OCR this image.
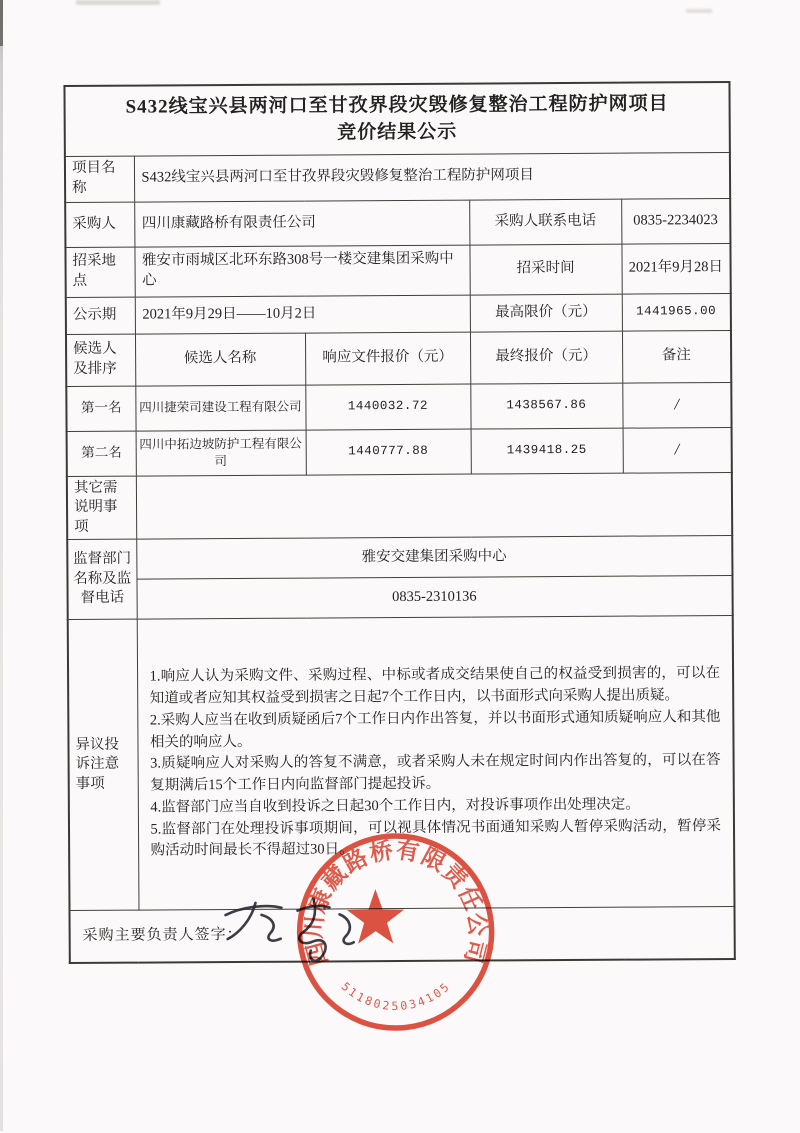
S432线宝兴县两河口至甘孜界段灾毁修复整治工程防护网项目
竞价结果公示				

项目名称	S432线宝兴县两河口至甘孜界段灾毁修复整治工程防护网项目			
采购人	四川康藏路桥有限责任公司		采购人联系电话	0835-2234023
招采地点	雅安市雨城区北环东路308号一楼交建集团采购中心		招采时间	2021年9月28日
公示期	2021年9月29日——10月2日		最高限价（元）	1441965.00
候选人及排序	候选人名称	响应文件报价（元）	最终报价（元）	备注
第一名	四川捷荣司建设工程有限公司	1440032.72	1438567.86	/
第二名	四川中拓边坡防护工程有限公司	1440777.88	1439418.25	/
其它需说明事项				
监督部门名称及监督电话	雅安交建集团采购中心			
	0835-2310136			
异议投诉注意事项	1.响应人认为采购文件、采购过程、中标或者成交结果使自己的权益受到损害的，可以在知道或者应知其权益受到损害之日起7个工作日内，以书面形式向采购人提出质疑。

2.采购人应当在收到质疑函后7个工作日内作出答复，并以书面形式通知质疑响应人和其他相关的响应人。

3.质疑响应人对采购人的答复不满意，或者采购人未在规定时间内作出答复的，可以在答复期满后15个工作日内向监督部门提起投诉。

4.监督部门应当自收到投诉之日起30个工作日内，对投诉事项作出处理决定。

5.监督部门在处理投诉事项期间，可以视具体情况书面通知采购人暂停采购活动，暂停采购活动时间最长不得超过30日。			

采购主要负责人签字：				
四川康藏路桥有限责任公司
5118025034105
